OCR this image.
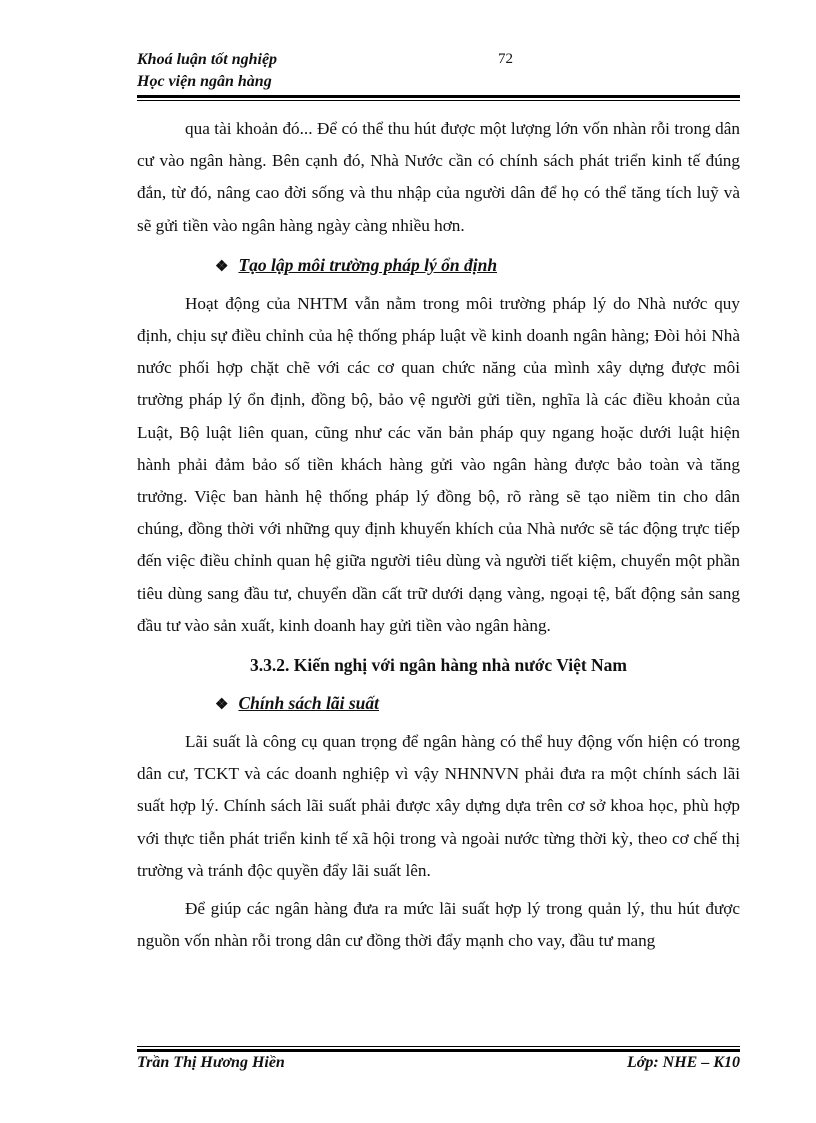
Khoá luận tốt nghiệp
Học viện ngân hàng
72

qua tài khoản đó... Để có thể thu hút được một lượng lớn vốn nhàn rỗi trong dân cư vào ngân hàng. Bên cạnh đó, Nhà Nước cần có chính sách phát triển kinh tế đúng đắn, từ đó, nâng cao đời sống và thu nhập của người dân để họ có thể tăng tích luỹ và sẽ gửi tiền vào ngân hàng ngày càng nhiều hơn.

❖ Tạo lập môi trường pháp lý ổn định

Hoạt động của NHTM vẫn nằm trong môi trường pháp lý do Nhà nước quy định, chịu sự điều chỉnh của hệ thống pháp luật về kinh doanh ngân hàng; Đòi hỏi Nhà nước phối hợp chặt chẽ với các cơ quan chức năng của mình xây dựng được môi trường pháp lý ổn định, đồng bộ, bảo vệ người gửi tiền, nghĩa là các điều khoản của Luật, Bộ luật liên quan, cũng như các văn bản pháp quy ngang hoặc dưới luật hiện hành phải đảm bảo số tiền khách hàng gửi vào ngân hàng được bảo toàn và tăng trưởng. Việc ban hành hệ thống pháp lý đồng bộ, rõ ràng sẽ tạo niềm tin cho dân chúng, đồng thời với những quy định khuyến khích của Nhà nước sẽ tác động trực tiếp đến việc điều chỉnh quan hệ giữa người tiêu dùng và người tiết kiệm, chuyển một phần tiêu dùng sang đầu tư, chuyển dần cất trữ dưới dạng vàng, ngoại tệ, bất động sản sang đầu tư vào sản xuất, kinh doanh hay gửi tiền vào ngân hàng.

3.3.2. Kiến nghị với ngân hàng nhà nước Việt Nam
❖ Chính sách lãi suất

Lãi suất là công cụ quan trọng để ngân hàng có thể huy động vốn hiện có trong dân cư, TCKT và các doanh nghiệp vì vậy NHNNVN phải đưa ra một chính sách lãi suất hợp lý. Chính sách lãi suất phải được xây dựng dựa trên cơ sở khoa học, phù hợp với thực tiễn phát triển kinh tế xã hội trong và ngoài nước từng thời kỳ, theo cơ chế thị trường và tránh độc quyền đẩy lãi suất lên.

Để giúp các ngân hàng đưa ra mức lãi suất hợp lý trong quản lý, thu hút được nguồn vốn nhàn rỗi trong dân cư đồng thời đẩy mạnh cho vay, đầu tư mang

Trần Thị Hương Hiền	Lớp: NHE – K10
